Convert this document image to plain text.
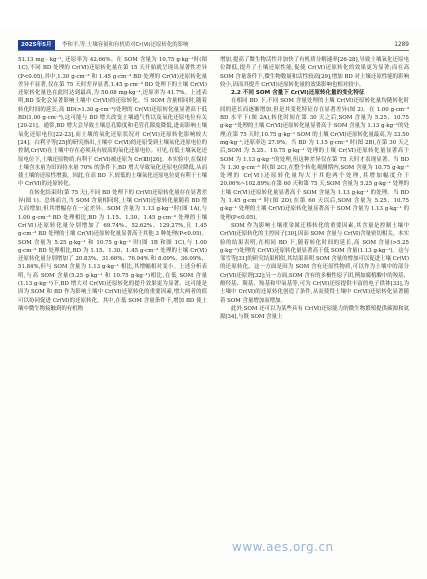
2025年5月	李和平,等.土壤容量和有机质对Cr(Ⅵ)还原转化的影响	1289

51.13 mg · kg⁻¹, 还原率为 42.66%。在 SOM 含量为 10.75 g·kg⁻¹时(图 1C),不同 BD 处理的 Cr(Ⅵ)还原转化量在第 15 天开始就呈现出显著性差异(P<0.05),其中,1.30 g·cm⁻³ 和 1.45 g·cm⁻³ BD 处理的 Cr(Ⅵ)还原转化量差异不显著,仅在第 75 天时差异显著,1.45 g·cm⁻³ BD 处理下的土壤 Cr(Ⅵ)还原转化量也在此时达到最高,为 50.08 mg·kg⁻¹,还原率为 41.7%。上述表明,BD 变化会显著影响土壤中 Cr(Ⅵ)的还原转化。当 SOM 含量相同时,随着转化时间的延长,高 BD(>1.30 g·cm⁻³)处理的 Cr(Ⅵ)还原转化量显著高于低 BD(1.00 g·cm⁻³),这可能与 BD 增大改变土壤通气性以及氧化还原电位有关[20-21]。通常,BD 增大会导致土壤总孔隙度和毛管孔隙度降低,进而影响土壤氧化还原电位[22-23],而土壤的氧化还原状况对 Cr(Ⅵ)还原转化影响较大[24]。白利平等[25]的研究指出,土壤中 Cr(Ⅵ)的还原受到土壤氧化还原电位的控制,Cr(Ⅵ)在土壤中存在必须具有较高的氧化还原电位。可见,在低土壤氧化还原电位下,土壤还原物质,有利于 Cr(Ⅵ)被还原为 Cr(Ⅲ)[26]。本实验中,在保持土壤含水量为田间持水量 70% 的条件下,BD 增大导致氧化还原电位降低,从而使土壤的还原性增强。因此,在高 BD 下,较低的土壤氧化还原电位更有利于土壤中 Cr(Ⅵ)的还原转化。

在转化结束时(第 75 天),不同 BD 处理下的 Cr(Ⅵ)还原转化量存在显著差异(图 1)。总体而言,当 SOM 含量相同时,土壤 Cr(Ⅵ)还原转化量随着 BD 增大而增加,但其增幅存在一定差异。SOM 含量为 1.13 g·kg⁻¹时(图 1A),与 1.00 g·cm⁻³ BD 处理相比,BD 为 1.15、1.30、1.45 g·cm⁻³ 处理的土壤 Cr(Ⅵ)还原转化量分别增加了 69.74%、52.62%、129.27%,且 1.45 g·cm⁻³ BD 处理的土壤 Cr(Ⅵ)还原转化量显著高于其他 3 种处理(P<0.05)。SOM 含量为 5.25 g·kg⁻¹ 和 10.75 g·kg⁻¹ 时(图 1B 和图 1C),与 1.00 g·cm⁻³ BD 处理相比,BD 为 1.15、1.30、1.45 g·cm⁻³ 处理的土壤 Cr(Ⅵ)还原转化量分别增加了 20.83%、31.60%、76.94% 和 8.09%、36.09%、51.84%,但与 SOM 含量为 1.13 g·kg⁻¹ 相比,其增幅相对变小。上述分析表明,与高 SOM 含量(5.25 g·kg⁻¹ 和 10.75 g·kg⁻¹)相比,在低 SOM 含量(1.13 g·kg⁻¹)下,BD 增大对 Cr(Ⅵ)还原转化的提升效果更为显著。这可能是因为 SOM 和 BD 作为影响土壤中 Cr(Ⅵ)还原转化的重要因素,增大两者的值可以协同促进 Cr(Ⅵ)的还原转化。其中,在低 SOM 含量条件下,增加 BD 使土壤中微生物接触到的有机物

增加,提高了微生物活性并加快了有机质分解速率[26-28],导致土壤氧化还原电位降低,提升了土壤还原性能,促使 Cr(Ⅵ)还原转化的效果更为显著;而在高 SOM 含量条件下,微生物数量和活性较高[29],增加 BD 对土壤还原性能的影响较小,因而其提升 Cr(Ⅵ)还原转化量的效果影响也相对较小。

2.2 不同 SOM 含量下 Cr(Ⅵ)还原转化量的变化特征

在相同 BD 下,不同 SOM 含量处理的土壤 Cr(Ⅵ)还原转化量均随转化时间的延长而逐渐增加,但是其变化特征存在显著差异(图 2)。在 1.00 g·cm⁻³ BD 水平下(图 2A),转化时间在第 30 天之后,SOM 含量为 5.25、10.75 g·kg⁻¹处理的土壤 Cr(Ⅵ)还原转化量显著高于 SOM 含量为 1.13 g·kg⁻¹的处理;在第 75 天时,10.75 g·kg⁻¹ SOM 的土壤 Cr(Ⅵ)还原转化量最高,为 33.50 mg·kg⁻¹,还原率达 27.9%。当 BD 为 1.15 g·cm⁻³ 时(图 2B),在第 30 天之后,SOM 为 5.25、10.75 g·kg⁻¹ 处理的土壤 Cr(Ⅵ)还原转化量显著高于 SOM 为 1.13 g·kg⁻¹的处理,但这种差异仅在第 75 天时才表现显著。当 BD 为 1.30 g·cm⁻³ 时(图 2C),在整个转化观测期内,SOM 含量为 10.75 g·kg⁻¹ 处理的 Cr(Ⅵ)还原转化量均大于其他两个处理,其增加幅度介于 20.06%~102.89%;在第 60 天和第 75 天,SOM 含量为 5.25 g·kg⁻¹ 处理的土壤 Cr(Ⅵ)还原转化量显著高于 SOM 含量为 1.13 g·kg⁻¹ 的处理。当 BD 为 1.45 g·cm⁻³ 时(图 2D),在第 60 天以后,SOM 含量为 5.25、10.75 g·kg⁻¹ 处理的土壤 Cr(Ⅵ)还原转化量显著高于 SOM 含量为 1.13 g·kg⁻¹ 的处理(P<0.05)。

SOM 作为影响土壤重金属迁移转化的重要因素,其含量是控制土壤中 Cr(Ⅵ)还原转化的主控因子[30],因而 SOM 含量与 Cr(Ⅵ)含量密切相关。本实验的结果表明,在相同 BD 下,随着转化时间的延长,高 SOM 含量(>5.25 g·kg⁻¹)处理的 Cr(Ⅵ)还原转化量显著高于低 SOM 含量(1.13 g·kg⁻¹)。这与邹雪等[31]的研究结果相似,其结果表明 SOM 含量的增加可以促进土壤 Cr(Ⅵ)的还原转化。这一方面是因为 SOM 含有还原性物质,可以作为土壤中的部分 Cr(Ⅵ)还原剂[32];另一方面,SOM 含有的多极性原子团,例如腐植酸中的羧基、酚羟基、羰基、羧基和甲氧基等,可为 Cr(Ⅵ)还原提供丰富的电子供体[33],为土壤中 Cr(Ⅵ)的还原转化创造了条件,从而使得土壤中 Cr(Ⅵ)还原转化显著随着 SOM 含量增加而增加。

此外,SOM 还可以为某些具有 Cr(Ⅵ)还原能力的微生物繁殖提供碳源和氮源[34],与既 SOM 含量上

www.aes.org.cn
